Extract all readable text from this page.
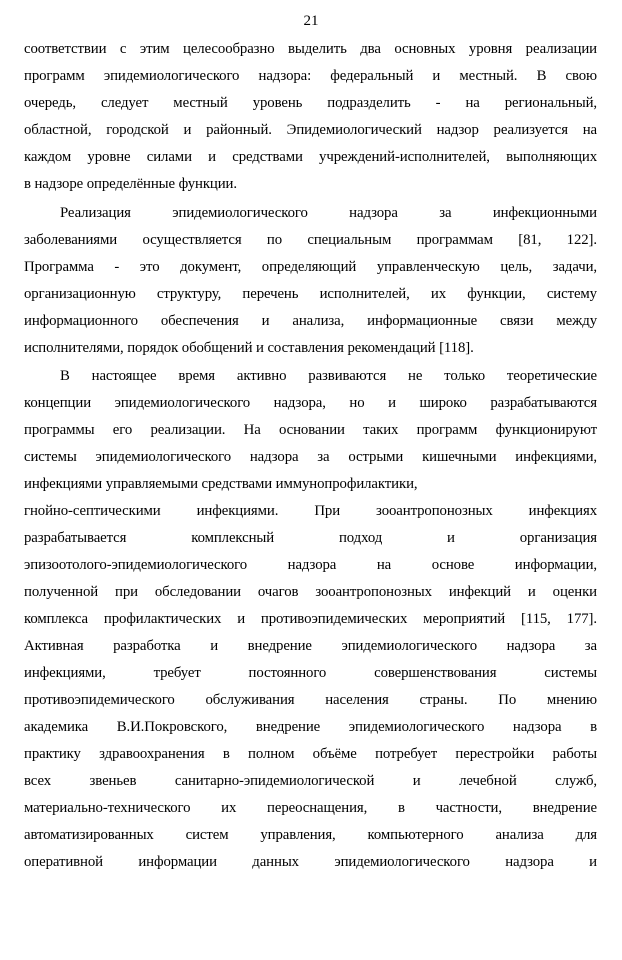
21
соответствии с этим целесообразно выделить два основных уровня реализации
программ эпидемиологического надзора: федеральный и местный. В свою
очередь, следует местный уровень подразделить - на региональный,
областной, городской и районный. Эпидемиологический надзор реализуется на
каждом уровне силами и средствами учреждений-исполнителей, выполняющих
в надзоре определённые функции.
Реализация эпидемиологического надзора за инфекционными
заболеваниями осуществляется по специальным программам [81, 122].
Программа - это документ, определяющий управленческую цель, задачи,
организационную структуру, перечень исполнителей, их функции, систему
информационного обеспечения и анализа, информационные связи между
исполнителями, порядок обобщений и составления рекомендаций [118].
В настоящее время активно развиваются не только теоретические
концепции эпидемиологического надзора, но и широко разрабатываются
программы его реализации. На основании таких программ функционируют
системы эпидемиологического надзора за острыми кишечными инфекциями,
инфекциями управляемыми средствами иммунопрофилактики,
гнойно-септическими инфекциями. При зооантропонозных инфекциях
разрабатывается комплексный подход и организация
эпизоотолого-эпидемиологического надзора на основе информации,
полученной при обследовании очагов зооантропонозных инфекций и оценки
комплекса профилактических и противоэпидемических мероприятий [115, 177].
Активная разработка и внедрение эпидемиологического надзора за
инфекциями, требует постоянного совершенствования системы
противоэпидемического обслуживания населения страны. По мнению
академика В.И.Покровского, внедрение эпидемиологического надзора в
практику здравоохранения в полном объёме потребует перестройки работы
всех звеньев санитарно-эпидемиологической и лечебной служб,
материально-технического их переоснащения, в частности, внедрение
автоматизированных систем управления, компьютерного анализа для
оперативной информации данных эпидемиологического надзора и
